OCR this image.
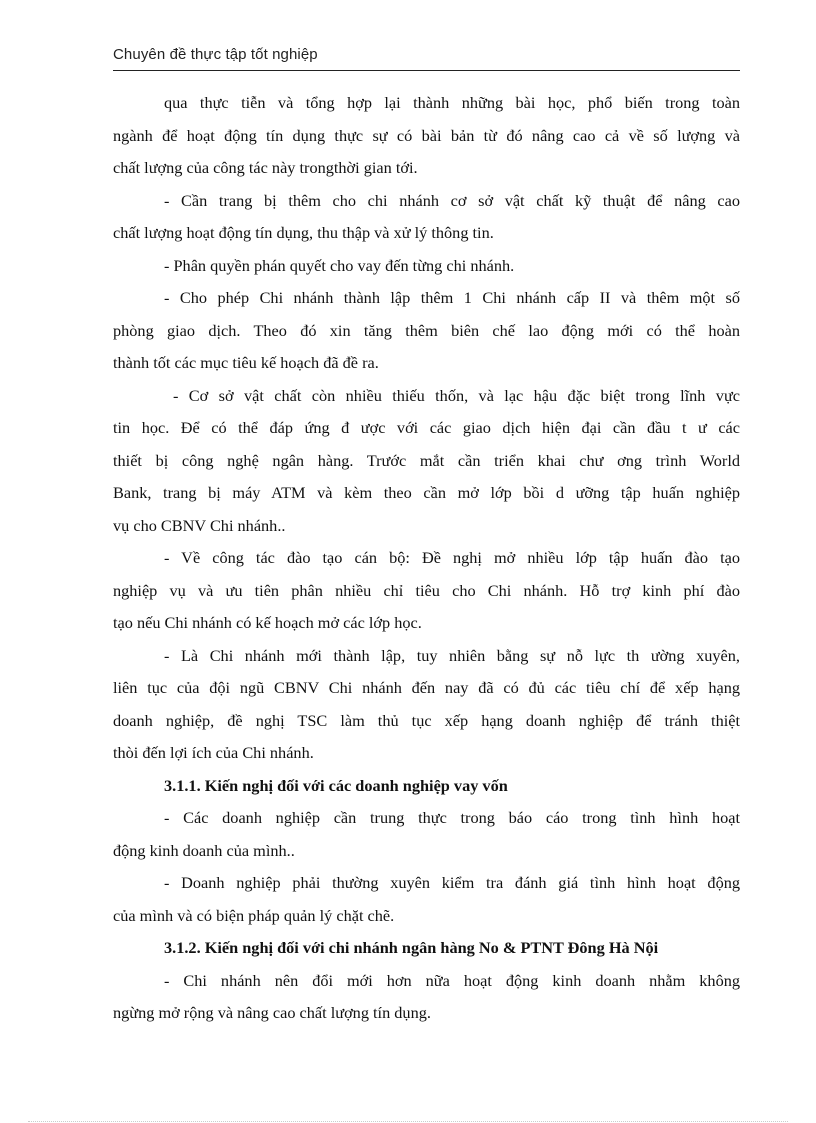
Chuyên đề thực tập tốt nghiệp
qua thực tiễn và tổng hợp lại thành những bài học, phổ biến trong toàn
ngành để hoạt động tín dụng thực sự có bài bản từ đó nâng cao cả về số lượng và
chất lượng của công tác này trongthời gian tới.
- Cần trang bị thêm cho chi nhánh cơ sở vật chất kỹ thuật để nâng cao
chất lượng hoạt động tín dụng, thu thập và xử lý thông tin.
- Phân quyền phán quyết cho vay đến từng chi nhánh.
- Cho phép Chi nhánh thành lập thêm 1 Chi nhánh cấp II và thêm một số
phòng giao dịch. Theo đó xin tăng thêm biên chế lao động mới có thể hoàn
thành tốt các mục tiêu kế hoạch đã đề ra.
- Cơ sở vật chất còn nhiều thiếu thốn, và lạc hậu đặc biệt trong lĩnh vực
tin học. Để có thể đáp ứng đ ược với các giao dịch hiện đại cần đầu t ư các
thiết bị công nghệ ngân hàng. Trước mắt cần triển khai chư ơng trình World
Bank, trang bị máy ATM và kèm theo cần mở lớp bồi d ưỡng tập huấn nghiệp
vụ cho CBNV Chi nhánh..
- Về công tác đào tạo cán bộ: Đề nghị mở nhiều lớp tập huấn đào tạo
nghiệp vụ và ưu tiên phân nhiều chỉ tiêu cho Chi nhánh. Hỗ trợ kinh phí đào
tạo nếu Chi nhánh có kế hoạch mở các lớp học.
- Là Chi nhánh mới thành lập, tuy nhiên bằng sự nỗ lực th ường xuyên,
liên tục của đội ngũ CBNV Chi nhánh đến nay đã có đủ các tiêu chí để xếp hạng
doanh nghiệp, đề nghị TSC làm thủ tục xếp hạng doanh nghiệp để tránh thiệt
thòi đến lợi ích của Chi nhánh.
3.1.1. Kiến nghị đối với các doanh nghiệp vay vốn
- Các doanh nghiệp cần trung thực trong báo cáo trong tình hình hoạt
động kinh doanh của mình..
- Doanh nghiệp phải thường xuyên kiểm tra đánh giá tình hình hoạt động
của mình và có biện pháp quản lý chặt chẽ.
3.1.2. Kiến nghị đối với chi nhánh ngân hàng No & PTNT Đông Hà Nội
- Chi nhánh nên đổi mới hơn nữa hoạt động kinh doanh nhằm không
ngừng mở rộng và nâng cao chất lượng tín dụng.
